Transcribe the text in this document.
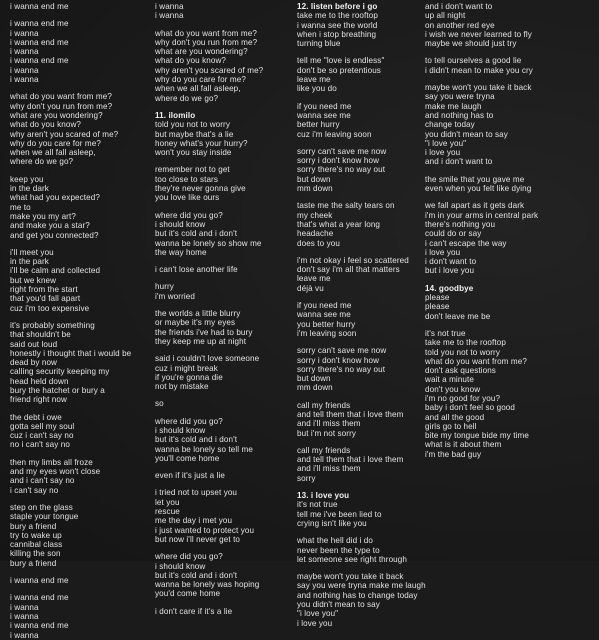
i wanna end me
i wanna end me
i wanna
i wanna end me
i wanna
i wanna end me
i wanna
i wanna
what do you want from me?
why don't you run from me?
what are you wondering?
what do you know?
why aren't you scared of me?
why do you care for me?
when we all fall asleep,
where do we go?
keep you
in the dark
what had you expected?
me to
make you my art?
and make you a star?
and get you connected?
i'll meet you
in the park
i'll be calm and collected
but we knew
right from the start
that you'd fall apart
cuz i'm too expensive
it's probably something
that shouldn't be
said out loud
honestly i thought that i would be
dead by now
calling security keeping my
head held down
bury the hatchet or bury a
friend right now
the debt i owe
gotta sell my soul
cuz i can't say no
no i can't say no
then my limbs all froze
and my eyes won't close
and i can't say no
i can't say no
step on the glass
staple your tongue
bury a friend
try to wake up
cannibal class
killing the son
bury a friend
i wanna end me
i wanna end me
i wanna
i wanna
i wanna end me
i wanna
i wanna
i wanna
what do you want from me?
why don't you run from me?
what are you wondering?
what do you know?
why aren't you scared of me?
why do you care for me?
when we all fall asleep,
where do we go?
11. ilomilo
told you not to worry
but maybe that's a lie
honey what's your hurry?
won't you stay inside
remember not to get
too close to stars
they're never gonna give
you love like ours
where did you go?
i should know
but it's cold and i don't
wanna be lonely so show me
the way home
i can't lose another life
hurry
i'm worried
the worlds a little blurry
or maybe it's my eyes
the friends i've had to bury
they keep me up at night
said i couldn't love someone
cuz i might break
if you're gonna die
not by mistake
so
where did you go?
i should know
but it's cold and i don't
wanna be lonely so tell me
you'll come home
even if it's just a lie
i tried not to upset you
let you
rescue
me the day i met you
i just wanted to protect you
but now i'll never get to
where did you go?
i should know
but it's cold and i don't
wanna be lonely was hoping
you'd come home
i don't care if it's a lie
12. listen before i go
take me to the rooftop
i wanna see the world
when i stop breathing
turning blue
tell me "love is endless"
don't be so pretentious
leave me
like you do
if you need me
wanna see me
better hurry
cuz i'm leaving soon
sorry can't save me now
sorry i don't know how
sorry there's no way out
but down
mm down
taste me the salty tears on
my cheek
that's what a year long
headache
does to you
i'm not okay i feel so scattered
don't say i'm all that matters
leave me
déjà vu
if you need me
wanna see me
you better hurry
i'm leaving soon
sorry can't save me now
sorry i don't know how
sorry there's no way out
but down
mm down
call my friends
and tell them that i love them
and i'll miss them
but i'm not sorry
call my friends
and tell them that i love them
and i'll miss them
sorry
13. i love you
it's not true
tell me i've been lied to
crying isn't like you
what the hell did i do
never been the type to
let someone see right through
maybe won't you take it back
say you were tryna make me laugh
and nothing has to change today
you didn't mean to say
"i love you"
i love you
and i don't want to
up all night
on another red eye
i wish we never learned to fly
maybe we should just try
to tell ourselves a good lie
i didn't mean to make you cry
maybe won't you take it back
say you were tryna
make me laugh
and nothing has to
change today
you didn't mean to say
"i love you"
i love you
and i don't want to
the smile that you gave me
even when you felt like dying
we fall apart as it gets dark
i'm in your arms in central park
there's nothing you
could do or say
i can't escape the way
i love you
i don't want to
but i love you
14. goodbye
please
please
don't leave me be
it's not true
take me to the rooftop
told you not to worry
what do you want from me?
don't ask questions
wait a minute
don't you know
i'm no good for you?
baby i don't feel so good
and all the good
girls go to hell
bite my tongue bide my time
what is it about them
i'm the bad guy
